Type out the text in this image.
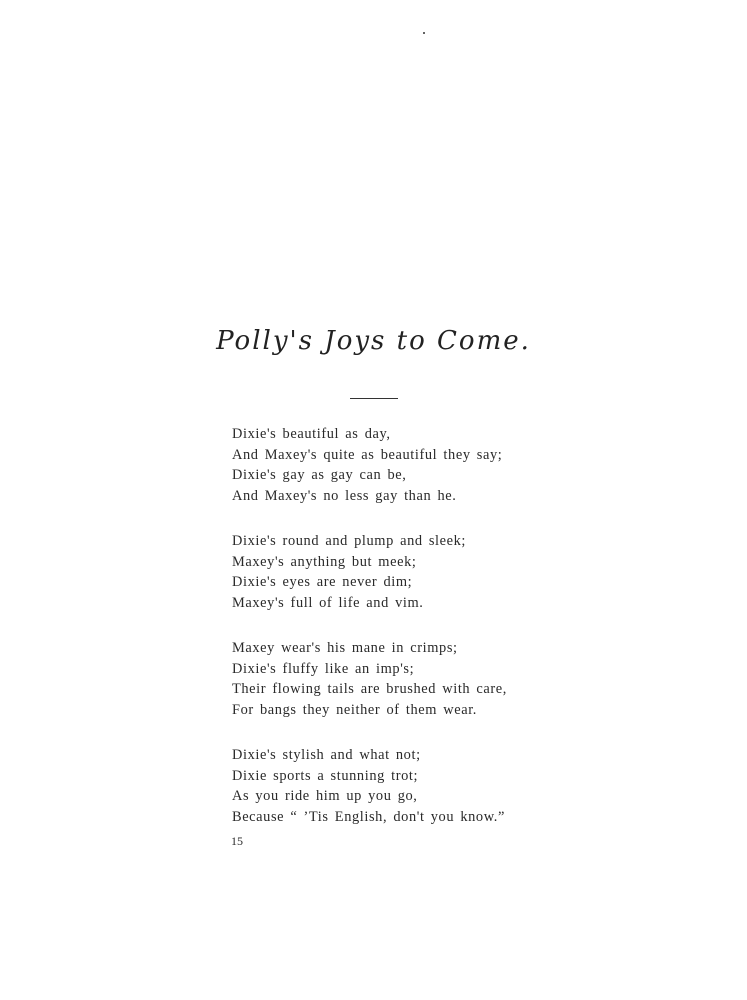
Polly's Joys to Come.
Dixie's beautiful as day,
And Maxey's quite as beautiful they say;
Dixie's gay as gay can be,
And Maxey's no less gay than he.
Dixie's round and plump and sleek;
Maxey's anything but meek;
Dixie's eyes are never dim;
Maxey's full of life and vim.
Maxey wear's his mane in crimps;
Dixie's fluffy like an imp's;
Their flowing tails are brushed with care,
For bangs they neither of them wear.
Dixie's stylish and what not;
Dixie sports a stunning trot;
As you ride him up you go,
Because “ ’Tis English, don't you know.”
15
